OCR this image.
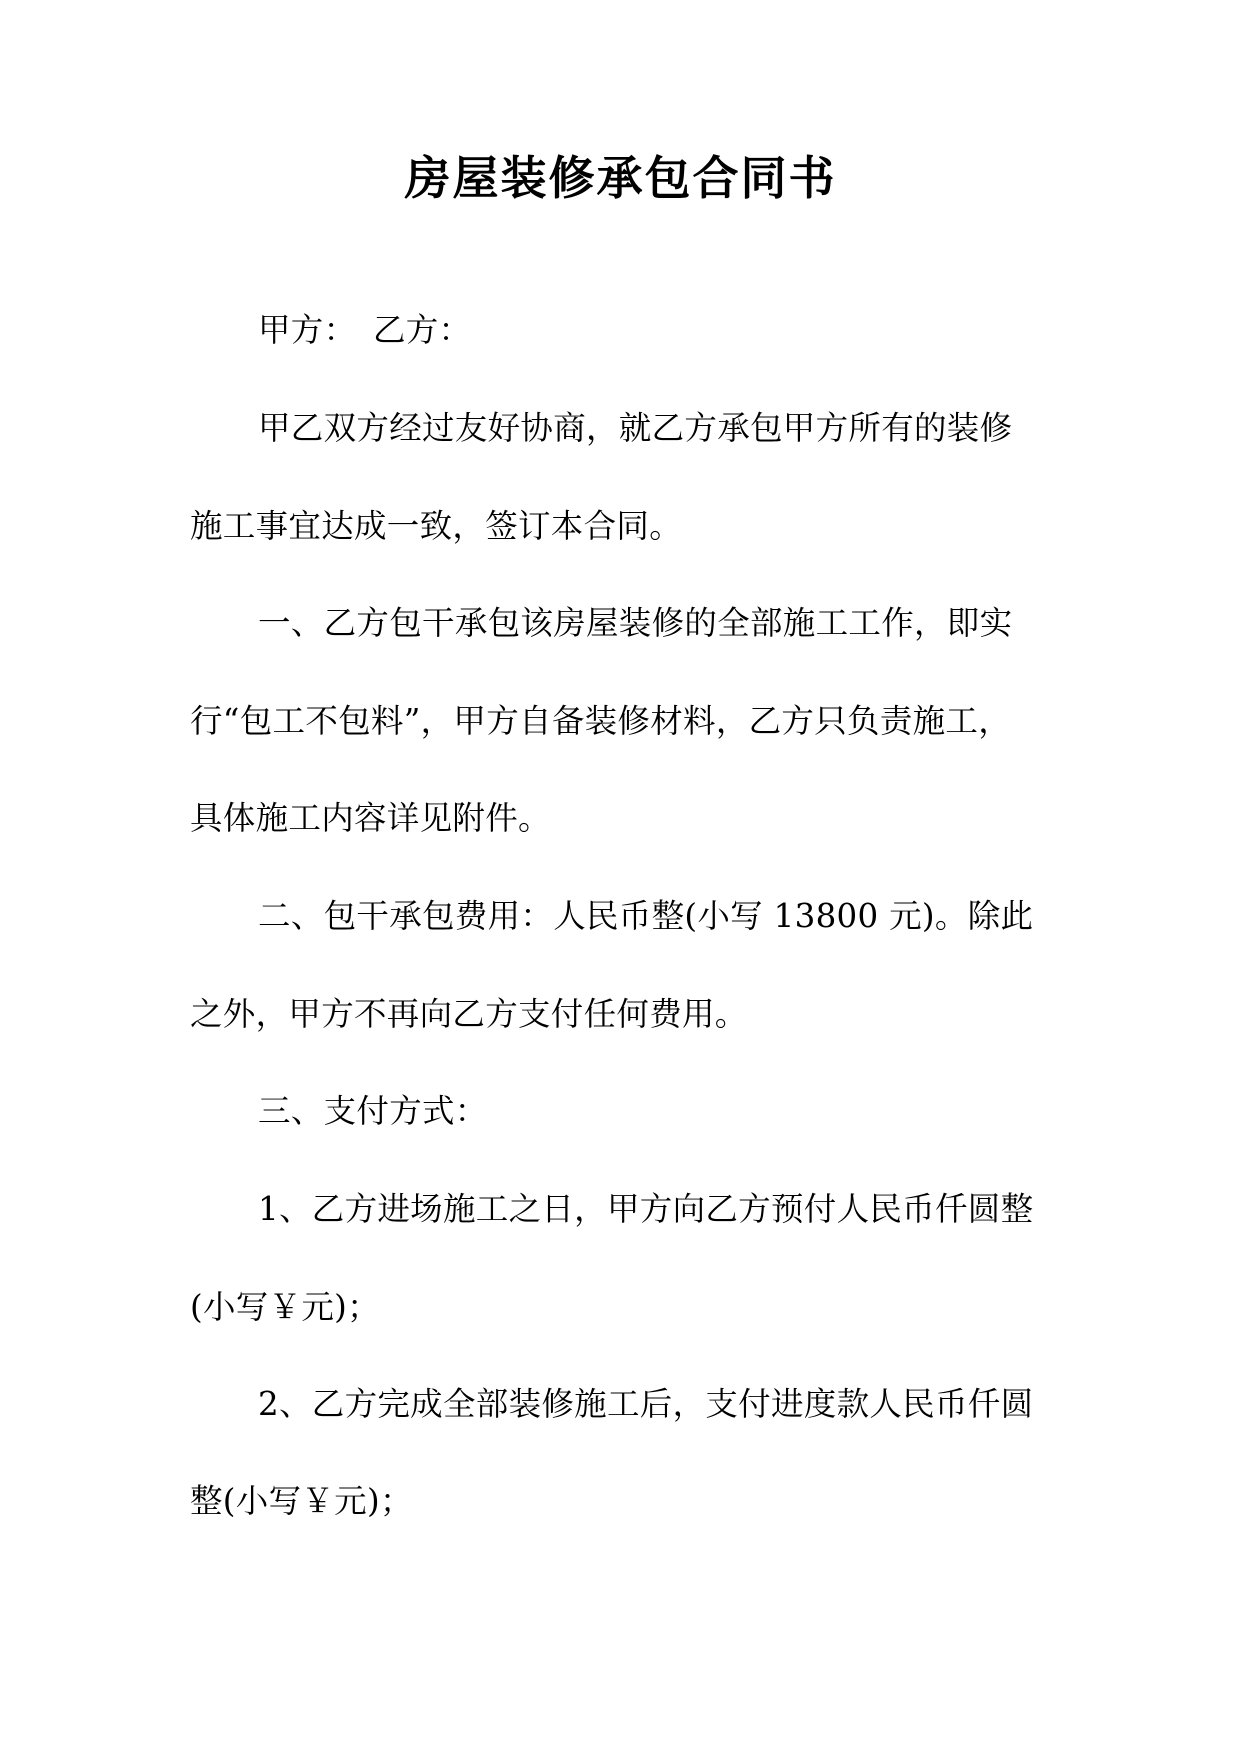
房屋装修承包合同书
甲方：　乙方：
甲乙双方经过友好协商，就乙方承包甲方所有的装修
施工事宜达成一致，签订本合同。
一、乙方包干承包该房屋装修的全部施工工作，即实
行“包工不包料”，甲方自备装修材料，乙方只负责施工，
具体施工内容详见附件。
二、包干承包费用：人民币整(小写 13800 元)。除此
之外，甲方不再向乙方支付任何费用。
三、支付方式：
1、乙方进场施工之日，甲方向乙方预付人民币仟圆整
(小写￥元)；
2、乙方完成全部装修施工后，支付进度款人民币仟圆
整(小写￥元)；
